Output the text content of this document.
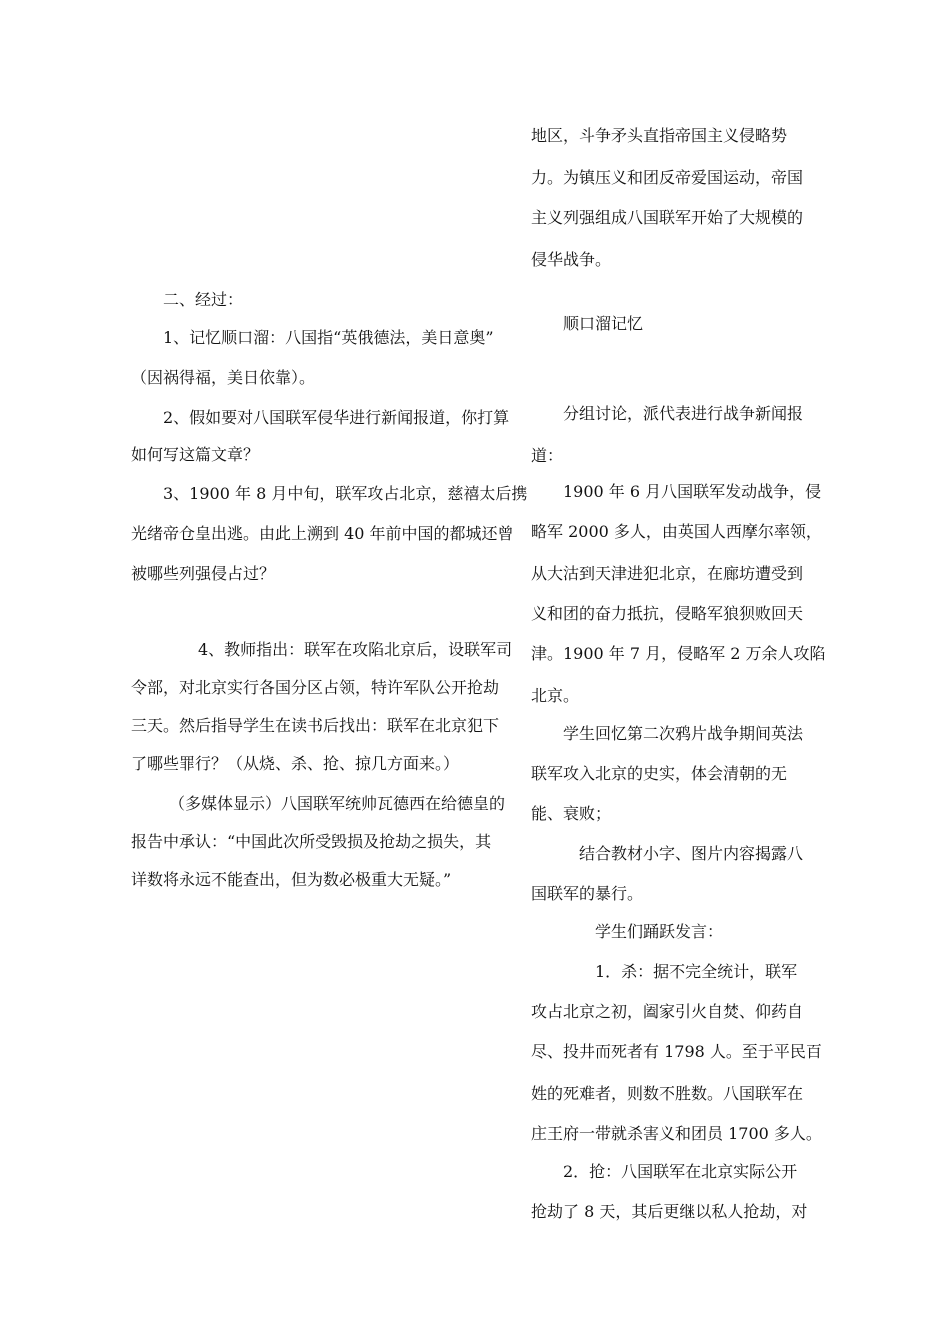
二、经过：
1、记忆顺口溜：八国指“英俄德法，美日意奥”
（因祸得福，美日依靠）。
2、假如要对八国联军侵华进行新闻报道，你打算
如何写这篇文章？
3、1900 年 8 月中旬，联军攻占北京，慈禧太后携
光绪帝仓皇出逃。由此上溯到 40 年前中国的都城还曾
被哪些列强侵占过？
4、教师指出：联军在攻陷北京后，设联军司
令部，对北京实行各国分区占领，特许军队公开抢劫
三天。然后指导学生在读书后找出：联军在北京犯下
了哪些罪行？（从烧、杀、抢、掠几方面来。）
（多媒体显示）八国联军统帅瓦德西在给德皇的
报告中承认：“中国此次所受毁损及抢劫之损失，其
详数将永远不能查出，但为数必极重大无疑。”
地区，斗争矛头直指帝国主义侵略势
力。为镇压义和团反帝爱国运动，帝国
主义列强组成八国联军开始了大规模的
侵华战争。
顺口溜记忆
分组讨论，派代表进行战争新闻报
道：
1900 年 6 月八国联军发动战争，侵
略军 2000 多人，由英国人西摩尔率领，
从大沽到天津进犯北京，在廊坊遭受到
义和团的奋力抵抗，侵略军狼狈败回天
津。1900 年 7 月，侵略军 2 万余人攻陷
北京。
学生回忆第二次鸦片战争期间英法
联军攻入北京的史实，体会清朝的无
能、衰败；
结合教材小字、图片内容揭露八
国联军的暴行。
学生们踊跃发言：
1．杀：据不完全统计，联军
攻占北京之初，阖家引火自焚、仰药自
尽、投井而死者有 1798 人。至于平民百
姓的死难者，则数不胜数。八国联军在
庄王府一带就杀害义和团员 1700 多人。
2．抢：八国联军在北京实际公开
抢劫了 8 天，其后更继以私人抢劫，对
